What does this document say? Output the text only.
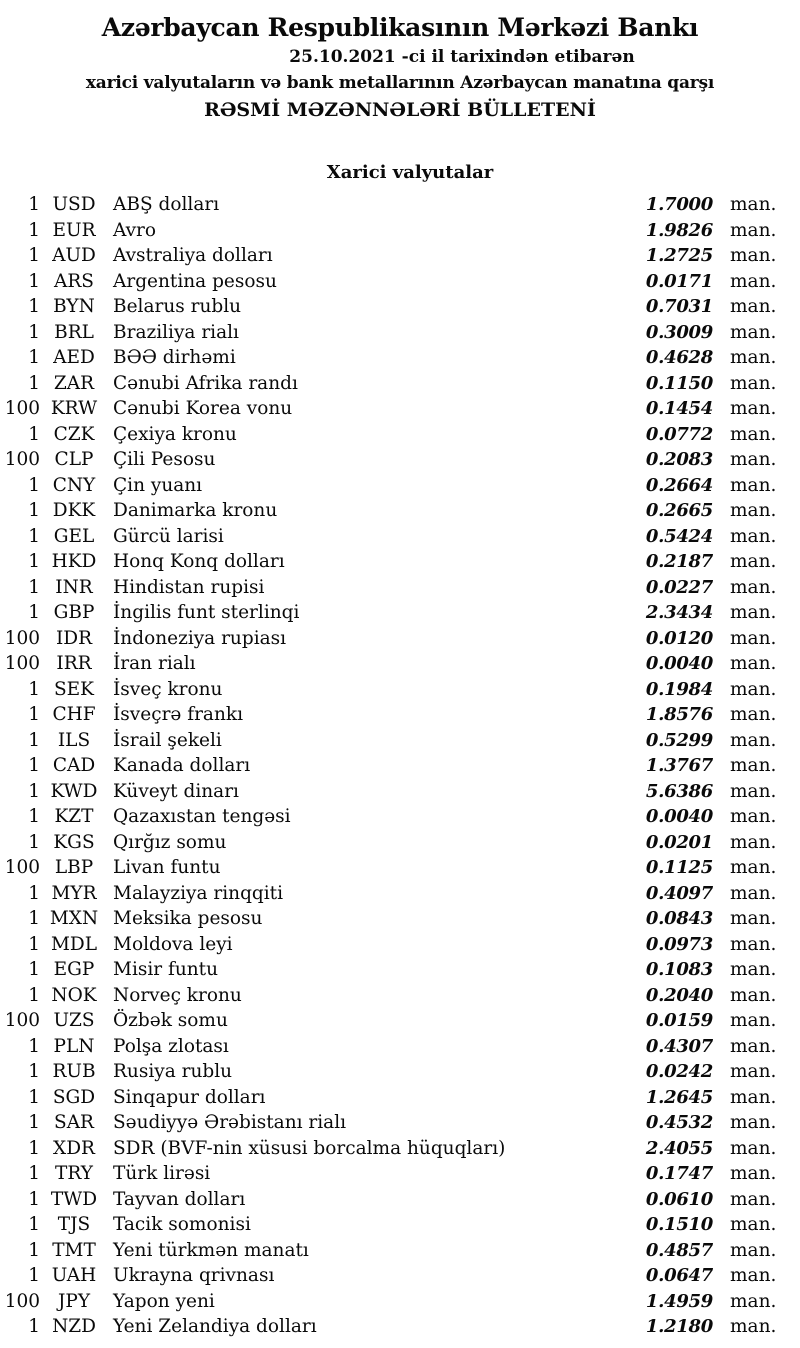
Azərbaycan Respublikasının Mərkəzi Bankı
25.10.2021 -ci il tarixindən etibarən
xarici valyutaların və bank metallarının Azərbaycan manatına qarşı
RƏSMİ MƏZƏNNƏLƏRİ BÜLLETENİ
Xarici valyutalar
1 USD ABŞ dolları	1.7000 man.
1 EUR Avro	1.9826 man.
1 AUD Avstraliya dolları	1.2725 man.
1 ARS	Argentina pesosu	0.0171 man.
1 BYN Belarus rublu	0.7031 man.
1 BRL	Braziliya rialı	0.3009 man.
1 AED BƏƏ dirhəmi	0.4628 man.
1 ZAR	Cənubi Afrika randı	0.1150 man.
100 KRW Cənubi Korea vonu	0.1454 man.
1 CZK	Çexiya kronu	0.0772 man.
100 CLP	Çili Pesosu	0.2083 man.
1 CNY Çin yuanı	0.2664 man.
1 DKK Danimarka kronu	0.2665 man.
1 GEL	Gürcü larisi	0.5424 man.
1 HKD Honq Konq dolları	0.2187 man.
1 INR	Hindistan rupisi	0.0227 man.
1 GBP	İngilis funt sterlinqi	2.3434 man.
100 IDR	İndoneziya rupiası	0.0120 man.
100 IRR	İran rialı	0.0040 man.
1 SEK	İsveç kronu	0.1984 man.
1 CHF İsveçrə frankı	1.8576 man.
1 ILS	İsrail şekeli	0.5299 man.
1 CAD Kanada dolları	1.3767 man.
1 KWD Küveyt dinarı	5.6386 man.
1 KZT	Qazaxıstan tengəsi	0.0040 man.
1 KGS Qırğız somu	0.0201 man.
100 LBP	Livan funtu	0.1125 man.
1 MYR Malayziya rinqqiti	0.4097 man.
1 MXN Meksika pesosu	0.0843 man.
1 MDL Moldova leyi	0.0973 man.
1 EGP	Misir funtu	0.1083 man.
1 NOK Norveç kronu	0.2040 man.
100 UZS Özbək somu	0.0159 man.
1 PLN	Polşa zlotası	0.4307 man.
1 RUB Rusiya rublu	0.0242 man.
1 SGD Sinqapur dolları	1.2645 man.
1 SAR	Səudiyyə Ərəbistanı rialı	0.4532 man.
1 XDR SDR (BVF-nin xüsusi borcalma hüquqları)	2.4055 man.
1 TRY	Türk lirəsi	0.1747 man.
1 TWD Tayvan dolları	0.0610 man.
1 TJS	Tacik somonisi	0.1510 man.
1 TMT Yeni türkmən manatı	0.4857 man.
1 UAH Ukrayna qrivnası	0.0647 man.
100 JPY	Yapon yeni	1.4959 man.
1 NZD Yeni Zelandiya dolları	1.2180 man.
